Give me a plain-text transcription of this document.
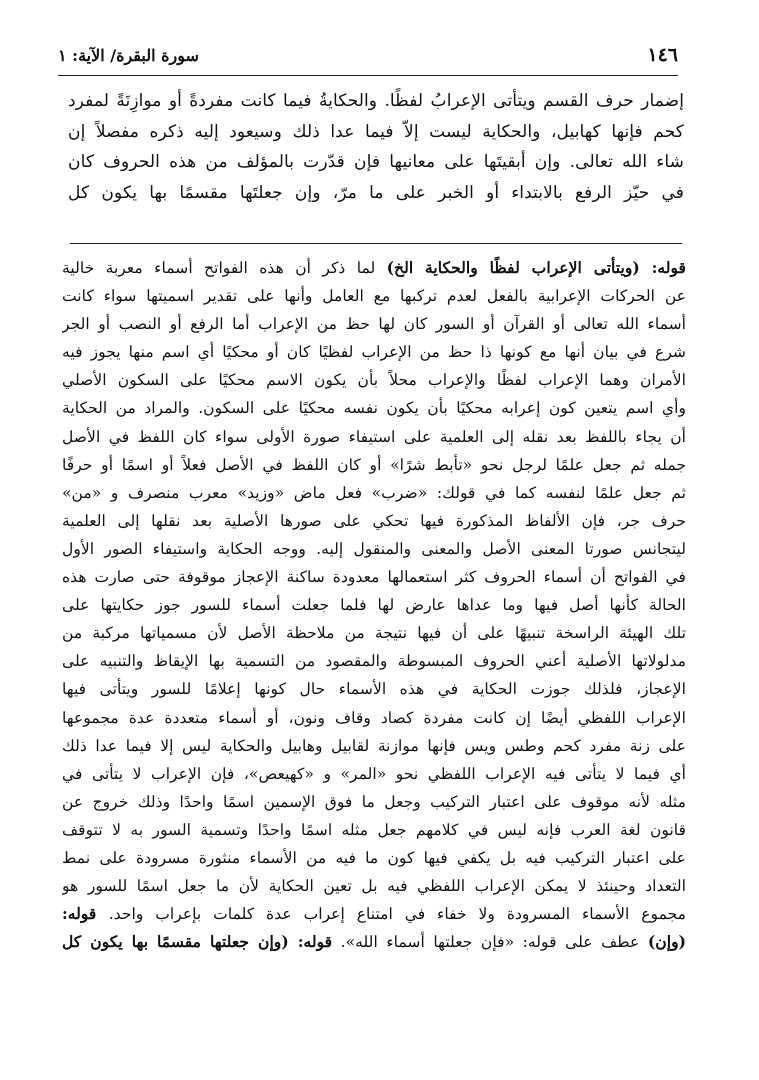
سورة البقرة/ الآية: ١	١٤٦
إضمار حرف القسم ويتأتى الإعرابُ لفظًا. والحكايةُ فيما كانت مفردةً أو موازِنَةً لمفرد
كحم فإنها كهابيل، والحكاية ليست إلاّ فيما عدا ذلك وسيعود إليه ذكره مفصلاً إن
شاء الله تعالى. وإن أبقيتَها على معانيها فإن قدّرت بالمؤلف من هذه الحروف كان
في حيّز الرفع بالابتداء أو الخبر على ما مرّ، وإن جعلتَها مقسمًا بها يكون كل
قوله: (ويتأتى الإعراب لفظًا والحكاية الخ) لما ذكر أن هذه الفواتح أسماء معربة خالية
عن الحركات الإعرابية بالفعل لعدم تركبها مع العامل وأنها على تقدير اسميتها سواء كانت
أسماء الله تعالى أو القرآن أو السور كان لها حظ من الإعراب أما الرفع أو النصب أو الجر
شرع في بيان أنها مع كونها ذا حظ من الإعراب لفظيًا كان أو محكيًا أي اسم منها يجوز فيه
الأمران وهما الإعراب لفظًا والإعراب محلاً بأن يكون الاسم محكيًا على السكون الأصلي
وأي اسم يتعين كون إعرابه محكيًا بأن يكون نفسه محكيًا على السكون. والمراد من الحكاية
أن يجاء باللفظ بعد نقله إلى العلمية على استيفاء صورة الأولى سواء كان اللفظ في الأصل
جمله ثم جعل علمًا لرجل نحو «تأبط شرًا» أو كان اللفظ في الأصل فعلاً أو اسمًا أو حرفًا
ثم جعل علمًا لنفسه كما في قولك: «ضرب» فعل ماض «وزيد» معرب منصرف و «من»
حرف جر، فإن الألفاظ المذكورة فيها تحكي على صورها الأصلية بعد نقلها إلى العلمية
ليتجانس صورتا المعنى الأصل والمعنى والمنقول إليه. ووجه الحكاية واستيفاء الصور الأول
في الفواتح أن أسماء الحروف كثر استعمالها معدودة ساكنة الإعجاز موقوفة حتى صارت هذه
الحالة كأنها أصل فيها وما عداها عارض لها فلما جعلت أسماء للسور جوز حكايتها على
تلك الهيئة الراسخة تنبيهًا على أن فيها نتيجة من ملاحظة الأصل لأن مسمياتها مركبة من
مدلولاتها الأصلية أعني الحروف المبسوطة والمقصود من التسمية بها الإيقاظ والتنبيه على
الإعجاز، فلذلك جوزت الحكاية في هذه الأسماء حال كونها إعلامًا للسور ويتأتى فيها
الإعراب اللفظي أيضًا إن كانت مفردة كصاد وقاف ونون، أو أسماء متعددة عدة مجموعها
على زنة مفرد كحم وطس ويس فإنها موازنة لقابيل وهابيل والحكاية ليس إلا فيما عدا ذلك
أي فيما لا يتأتى فيه الإعراب اللفظي نحو «المر» و «كهيعص»، فإن الإعراب لا يتأتى في
مثله لأنه موقوف على اعتبار التركيب وجعل ما فوق الإسمين اسمًا واحدًا وذلك خروج عن
قانون لغة العرب فإنه ليس في كلامهم جعل مثله اسمًا واحدًا وتسمية السور به لا تتوقف
على اعتبار التركيب فيه بل يكفي فيها كون ما فيه من الأسماء منثورة مسرودة على نمط
التعداد وحينئذ لا يمكن الإعراب اللفظي فيه بل تعين الحكاية لأن ما جعل اسمًا للسور هو
مجموع الأسماء المسرودة ولا خفاء في امتناع إعراب عدة كلمات بإعراب واحد. قوله:
(وإن) عطف على قوله: «فإن جعلتها أسماء الله». قوله: (وإن جعلتها مقسمًا بها يكون كل
